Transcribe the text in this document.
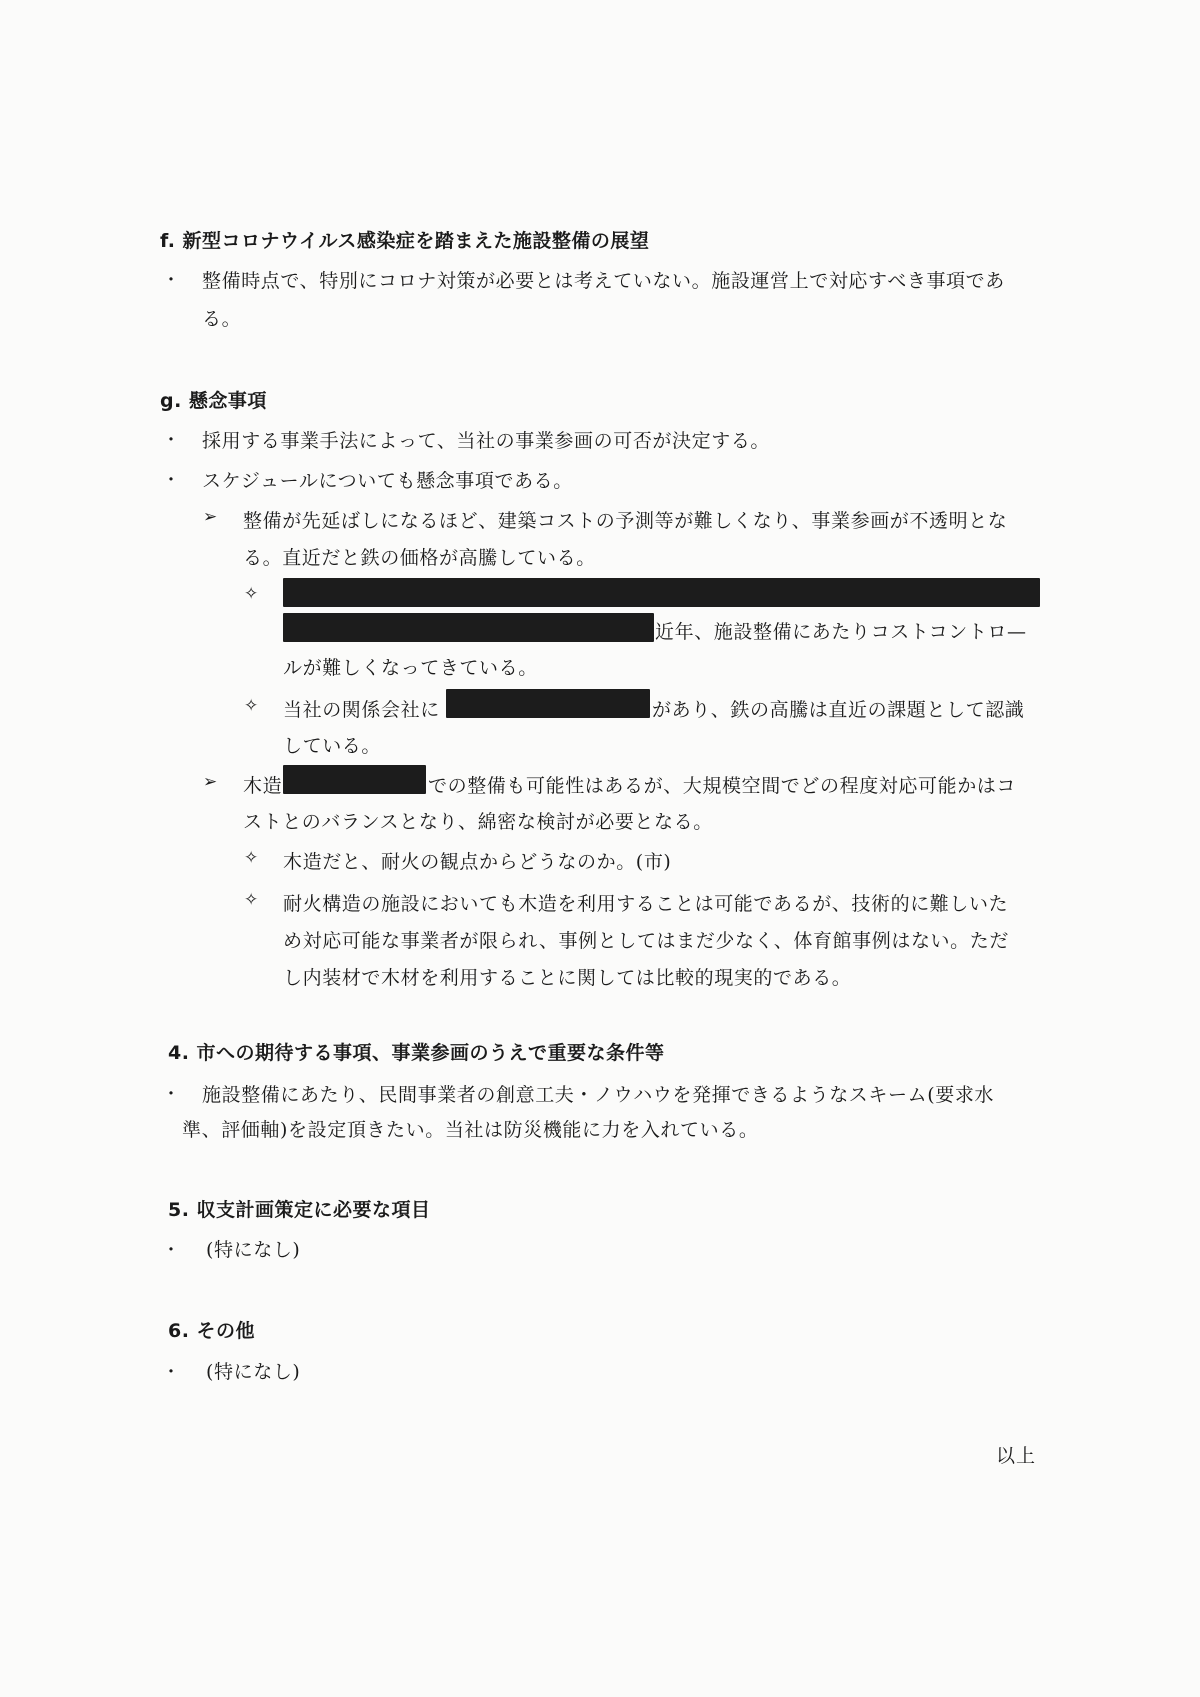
f. 新型コロナウイルス感染症を踏まえた施設整備の展望
・ 整備時点で、特別にコロナ対策が必要とは考えていない。施設運営上で対応すべき事項であ
る。
g. 懸念事項
・ 採用する事業手法によって、当社の事業参画の可否が決定する。
・ スケジュールについても懸念事項である。
➢ 整備が先延ばしになるほど、建築コストの予測等が難しくなり、事業参画が不透明とな
る。直近だと鉄の価格が高騰している。
✧
近年、施設整備にあたりコストコントロ—
ルが難しくなってきている。
✧ 当社の関係会社に	があり、鉄の高騰は直近の課題として認識
している。
➢ 木造	での整備も可能性はあるが、大規模空間でどの程度対応可能かはコ
ストとのバランスとなり、綿密な検討が必要となる。
✧ 木造だと、耐火の観点からどうなのか。(市)
✧ 耐火構造の施設においても木造を利用することは可能であるが、技術的に難しいた
め対応可能な事業者が限られ、事例としてはまだ少なく、体育館事例はない。ただ
し内装材で木材を利用することに関しては比較的現実的である。
4. 市への期待する事項、事業参画のうえで重要な条件等
・ 施設整備にあたり、民間事業者の創意工夫・ノウハウを発揮できるようなスキーム(要求水
準、評価軸)を設定頂きたい。当社は防災機能に力を入れている。
5. 収支計画策定に必要な項目
・ (特になし)
6. その他
・ (特になし)
以上
